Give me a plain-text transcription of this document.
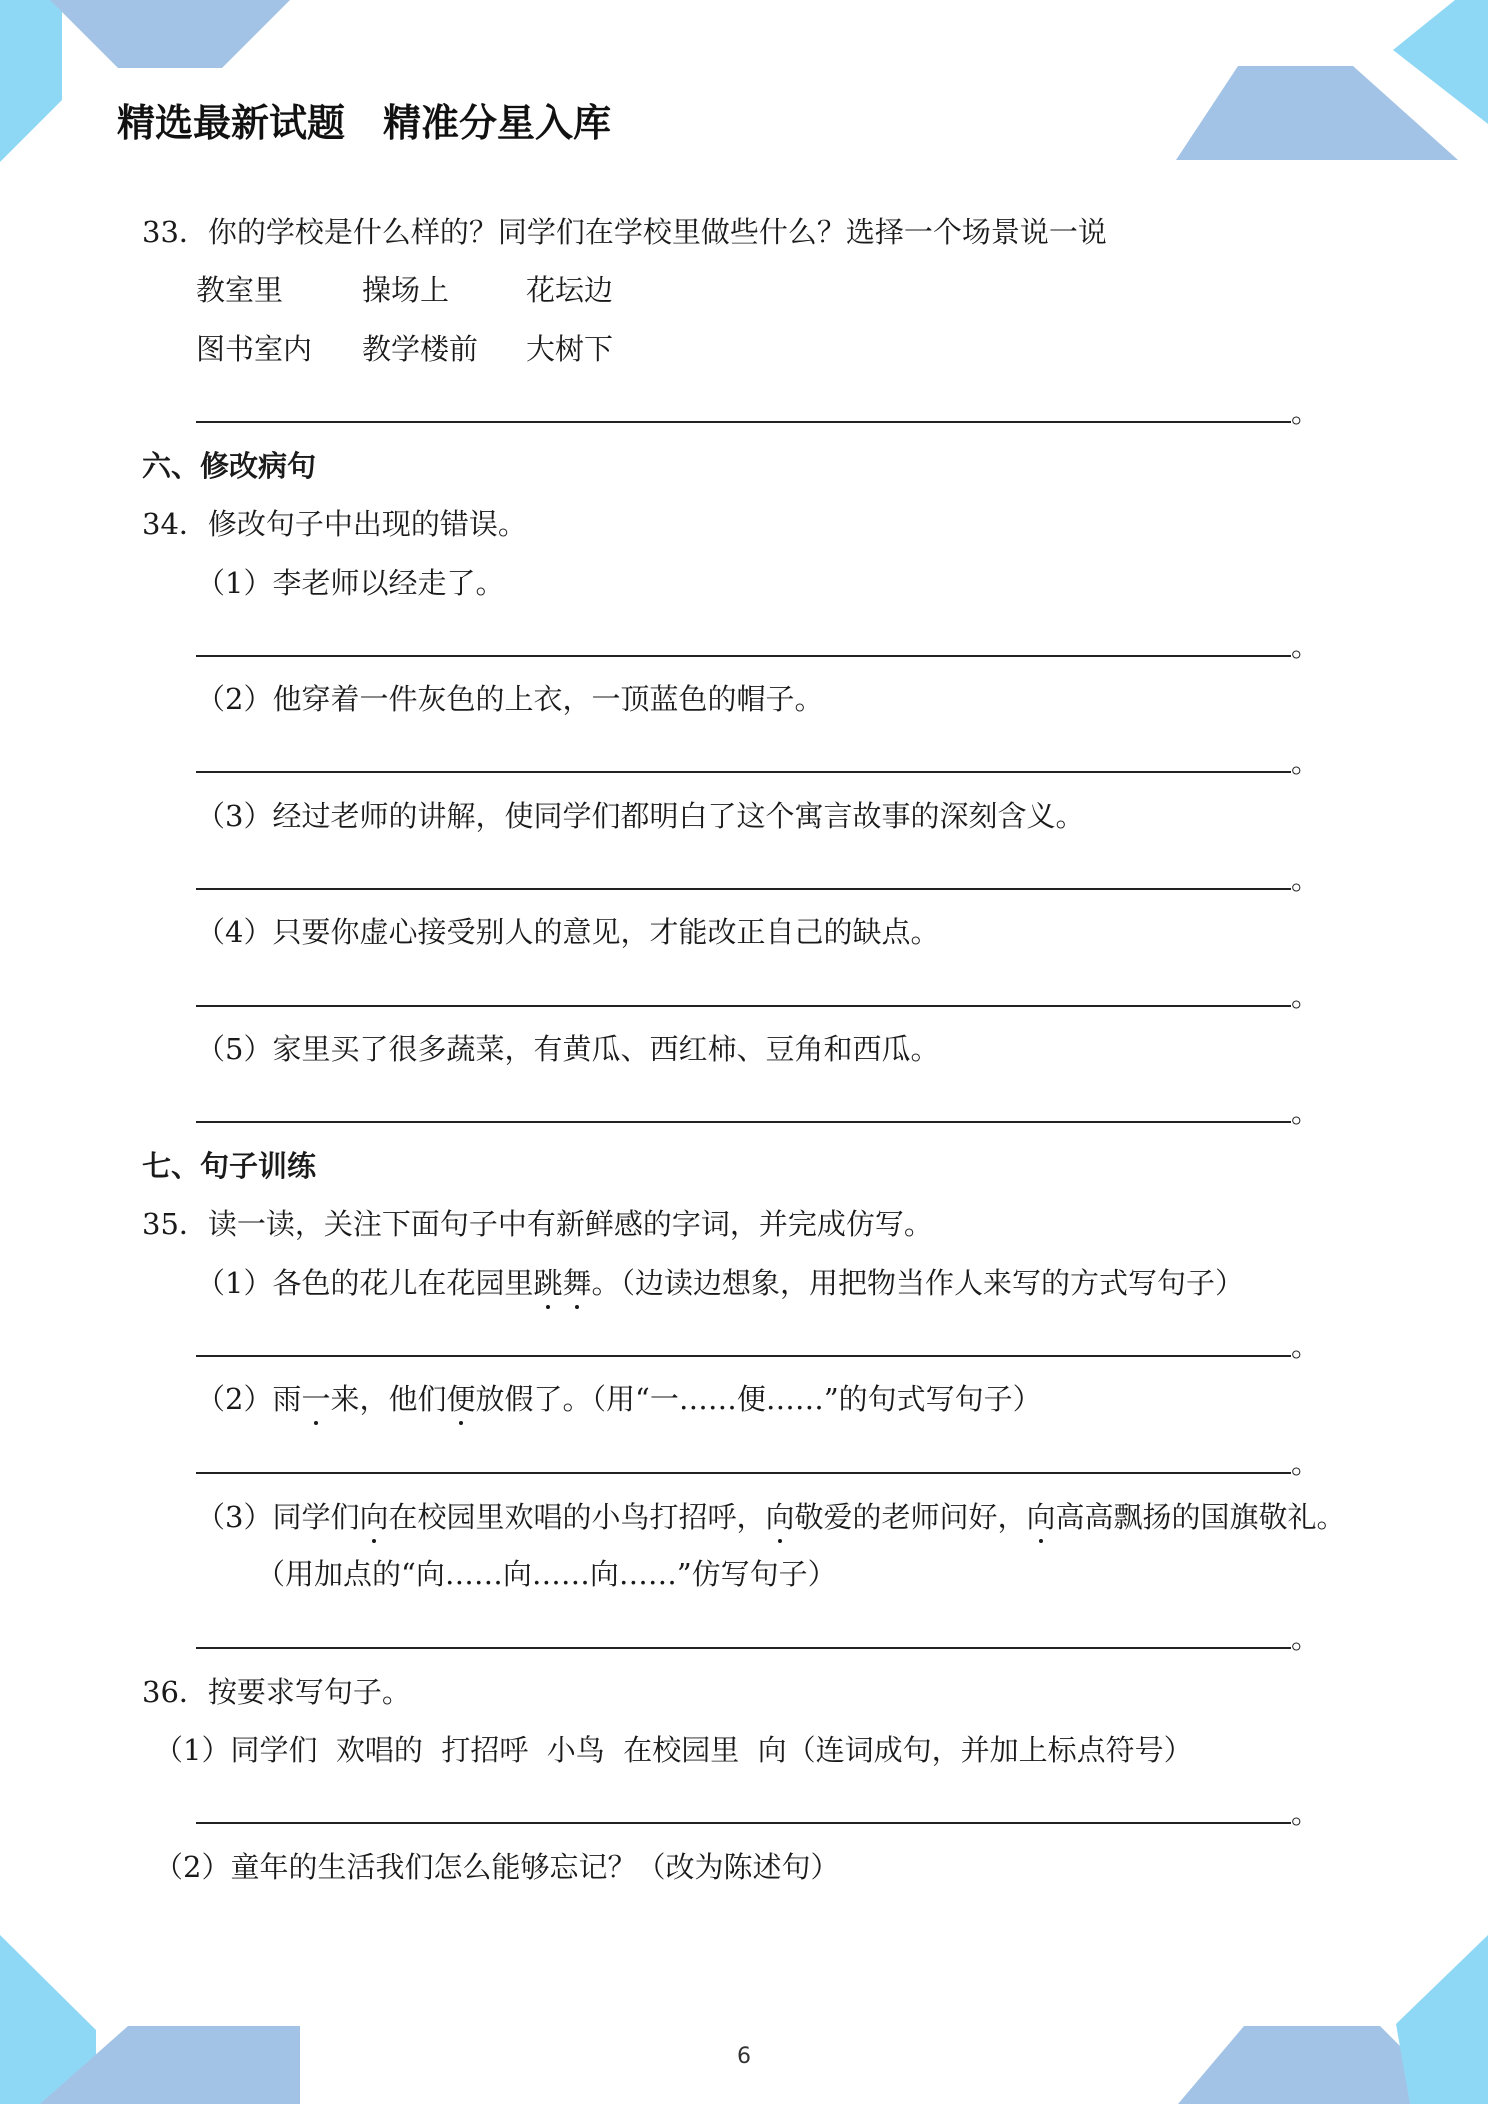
精选最新试题　精准分星入库
33．你的学校是什么样的？同学们在学校里做些什么？选择一个场景说一说
教室里	操场上	花坛边
图书室内 教学楼前 大树下
。
六、修改病句
34．修改句子中出现的错误。
（1）李老师以经走了。
。
（2）他穿着一件灰色的上衣，一顶蓝色的帽子。
。
（3）经过老师的讲解，使同学们都明白了这个寓言故事的深刻含义。
。
（4）只要你虚心接受别人的意见，才能改正自己的缺点。
。
（5）家里买了很多蔬菜，有黄瓜、西红柿、豆角和西瓜。
。
七、句子训练
35．读一读，关注下面句子中有新鲜感的字词，并完成仿写。
（1）各色的花儿在花园里跳舞。（边读边想象，用把物当作人来写的方式写句子）
。
（2）雨一来，他们便放假了。（用“一……便……”的句式写句子）
。
（3）同学们向在校园里欢唱的小鸟打招呼，向敬爱的老师问好，向高高飘扬的国旗敬礼。
（用加点的“向……向……向……”仿写句子）
。
36．按要求写句子。
（1）同学们  欢唱的  打招呼  小鸟  在校园里  向（连词成句，并加上标点符号）
。
（2）童年的生活我们怎么能够忘记？（改为陈述句）
6
